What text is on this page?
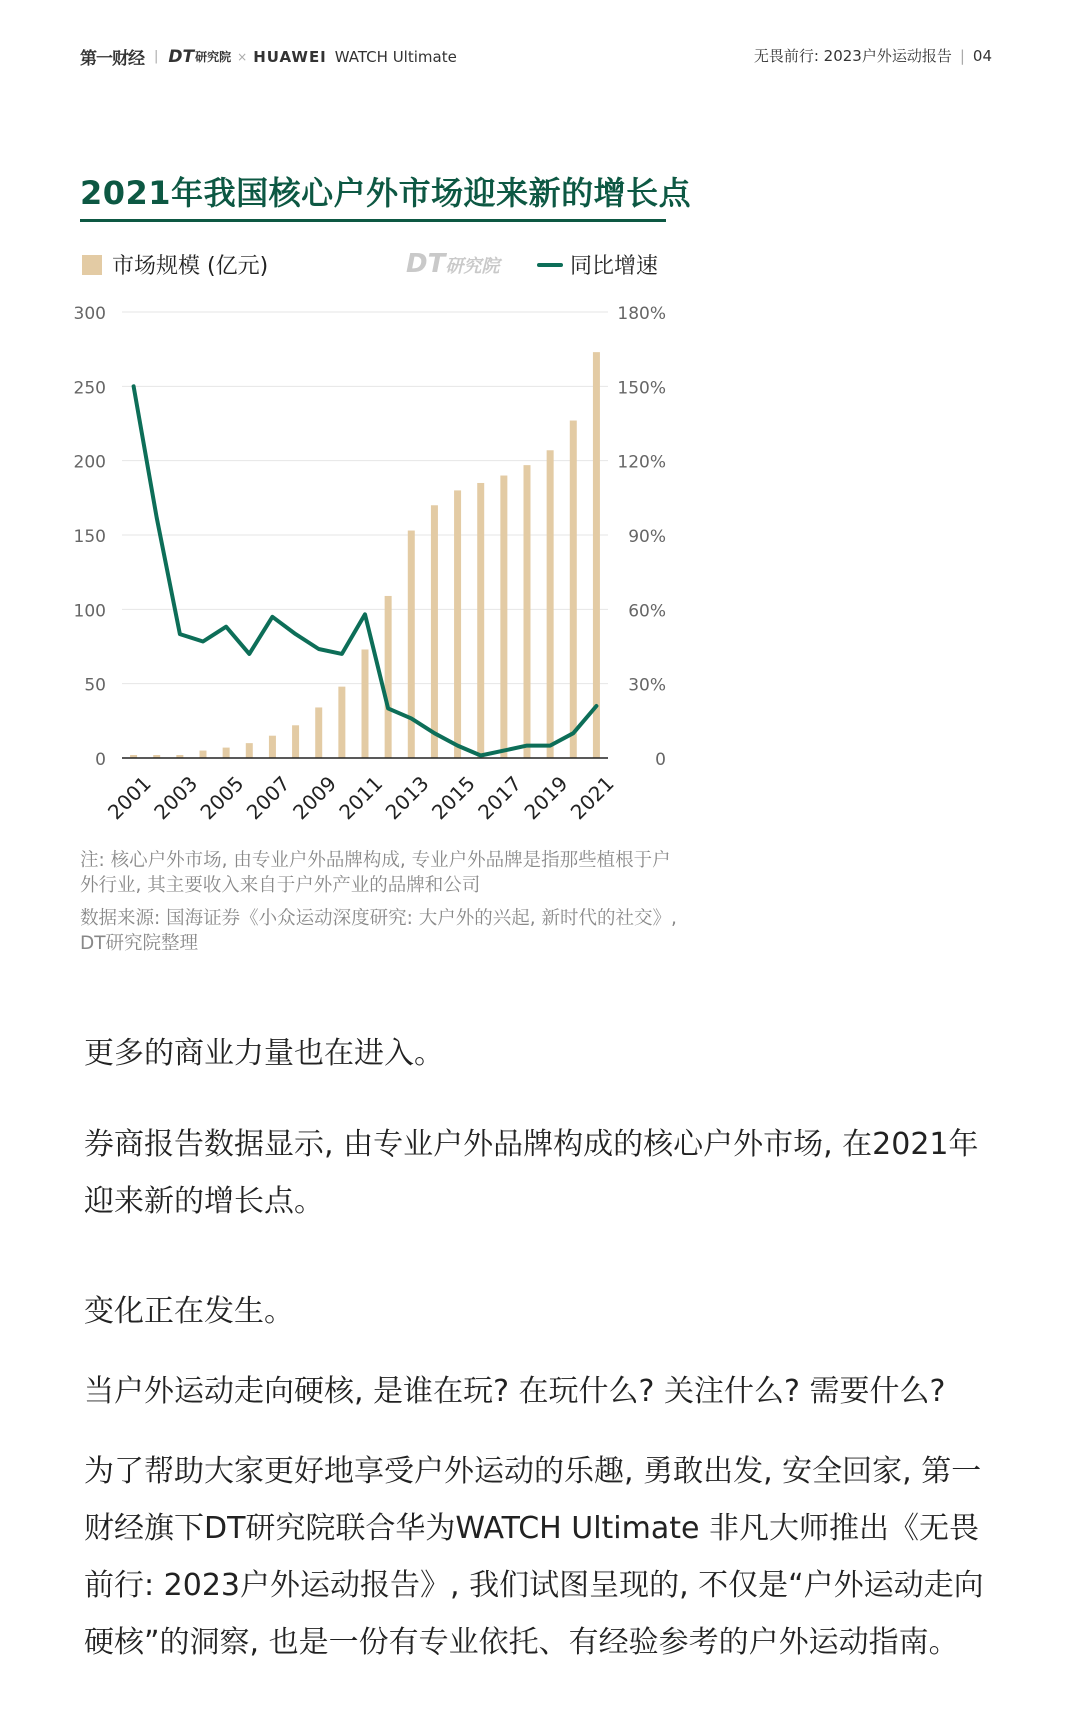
第一财经 | DT 研究院 × HUAWEI WATCH Ultimate	无畏前行: 2023户外运动报告 | 04
2021年我国核心户外市场迎来新的增长点
市场规模 (亿元)	DT研究院	同比增速
300	180%
250	150%
200	120%
150	90%
100	60%
50	30%
0	0
2001
2003
2005
2007
2009
2011
2013
2015
2017
2019
2021

注: 核心户外市场, 由专业户外品牌构成, 专业户外品牌是指那些植根于户外行业, 其主要收入来自于户外产业的品牌和公司

数据来源: 国海证券《小众运动深度研究: 大户外的兴起, 新时代的社交》, DT研究院整理

更多的商业力量也在进入。

券商报告数据显示, 由专业户外品牌构成的核心户外市场, 在2021年迎来新的增长点。

变化正在发生。

当户外运动走向硬核, 是谁在玩? 在玩什么? 关注什么? 需要什么?

为了帮助大家更好地享受户外运动的乐趣, 勇敢出发, 安全回家, 第一财经旗下DT研究院联合华为WATCH Ultimate 非凡大师推出《无畏前行: 2023户外运动报告》, 我们试图呈现的, 不仅是“户外运动走向硬核”的洞察, 也是一份有专业依托、有经验参考的户外运动指南。
